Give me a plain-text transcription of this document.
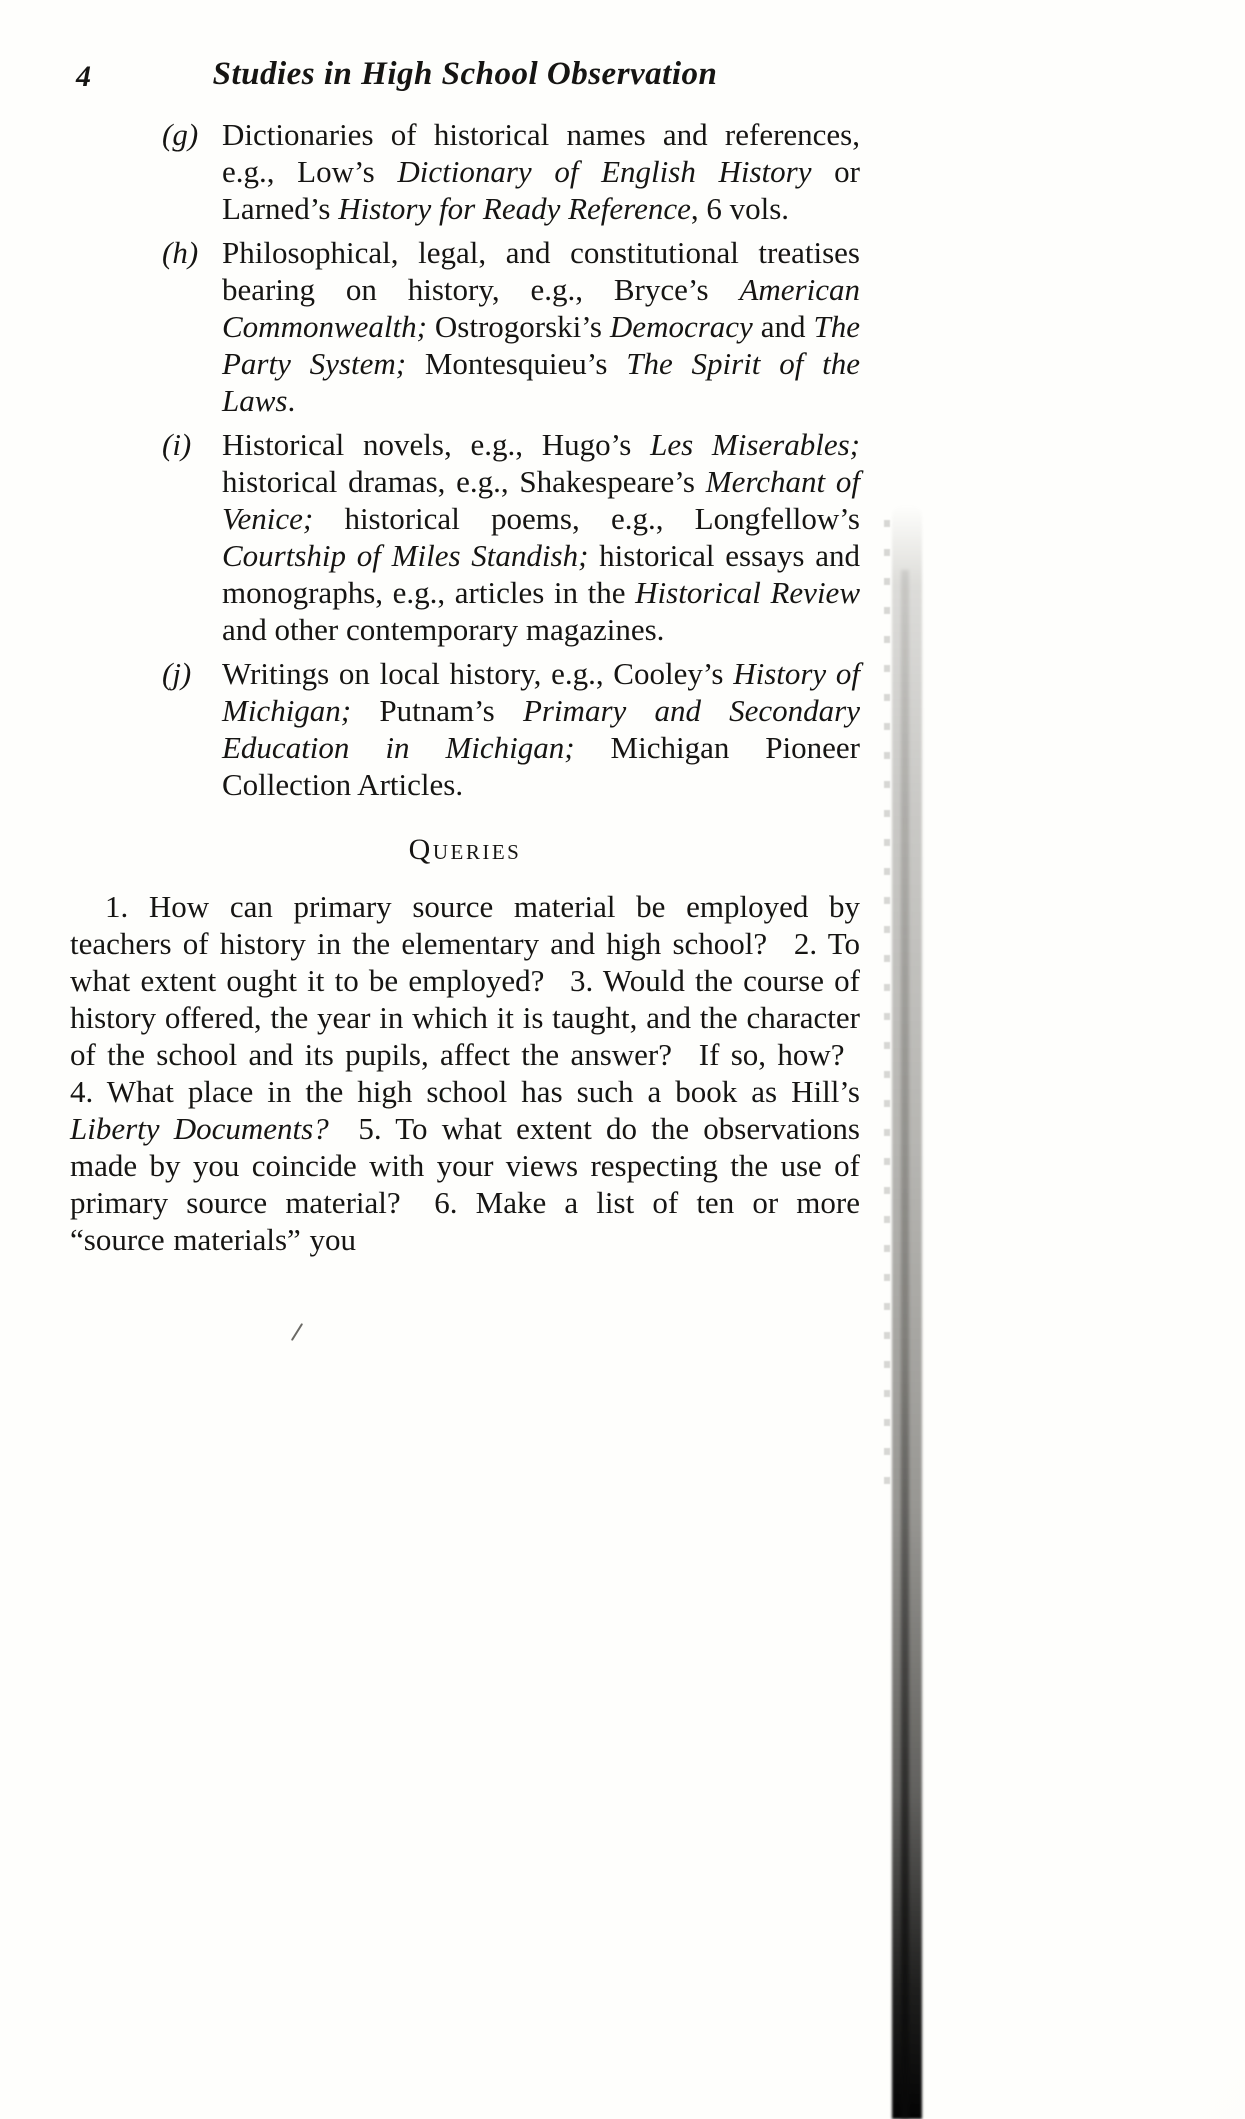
4	Studies in High School Observation
(g) Dictionaries of historical names and references, e.g., Low’s Dictionary of English History or Larned’s History for Ready Reference, 6 vols.

(h) Philosophical, legal, and constitutional treatises bearing on history, e.g., Bryce’s American Commonwealth; Ostrogorski’s Democracy and The Party System; Montesquieu’s The Spirit of the Laws.

(i) Historical novels, e.g., Hugo’s Les Miserables; historical dramas, e.g., Shakespeare’s Merchant of Venice; historical poems, e.g., Longfellow’s Courtship of Miles Standish; historical essays and monographs, e.g., articles in the Historical Review and other contemporary magazines.

(j) Writings on local history, e.g., Cooley’s History of Michigan; Putnam’s Primary and Secondary Education in Michigan; Michigan Pioneer Collection Articles.

Queries

1. How can primary source material be employed by teachers of history in the elementary and high school?  2. To what extent ought it to be employed?  3. Would the course of history offered, the year in which it is taught, and the character of the school and its pupils, affect the answer?  If so, how?  4. What place in the high school has such a book as Hill’s Liberty Documents?  5. To what extent do the observations made by you coincide with your views respecting the use of primary source material?  6. Make a list of ten or more “source materials” you
